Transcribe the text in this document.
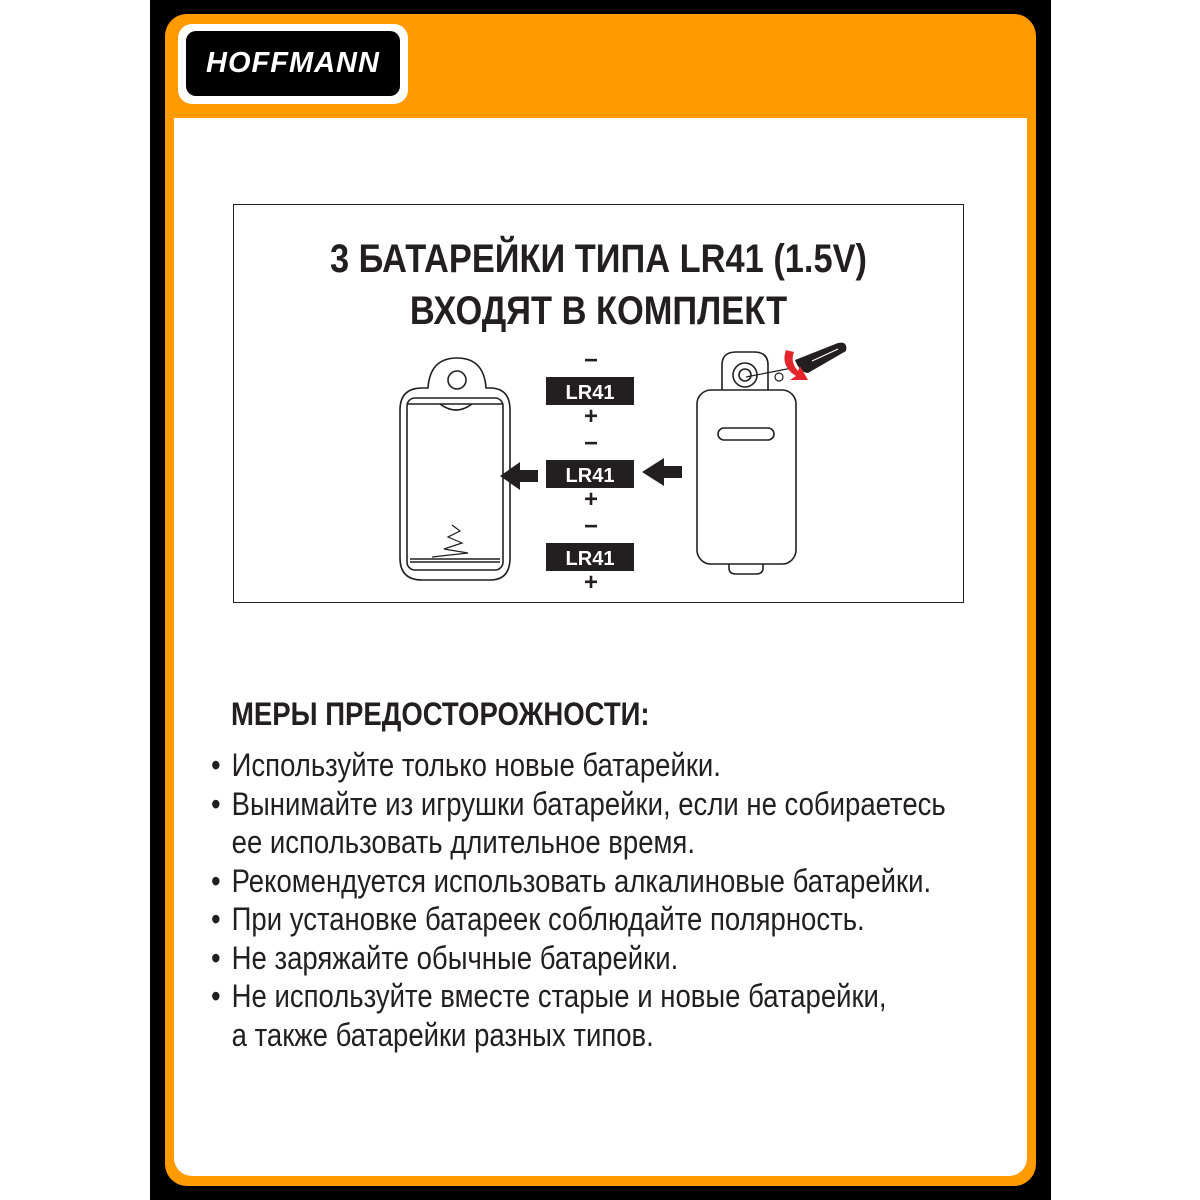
HOFFMANN
3 БАТАРЕЙКИ ТИПА LR41 (1.5V)
ВХОДЯТ В КОМПЛЕКТ
−
LR41
+
−
LR41
+
−
LR41
+
МЕРЫ ПРЕДОСТОРОЖНОСТИ:
• Используйте только новые батарейки.
• Вынимайте из игрушки батарейки, если не собираетесь
ее использовать длительное время.
• Рекомендуется использовать алкалиновые батарейки.
• При установке батареек соблюдайте полярность.
• Не заряжайте обычные батарейки.
• Не используйте вместе старые и новые батарейки,
а также батарейки разных типов.
